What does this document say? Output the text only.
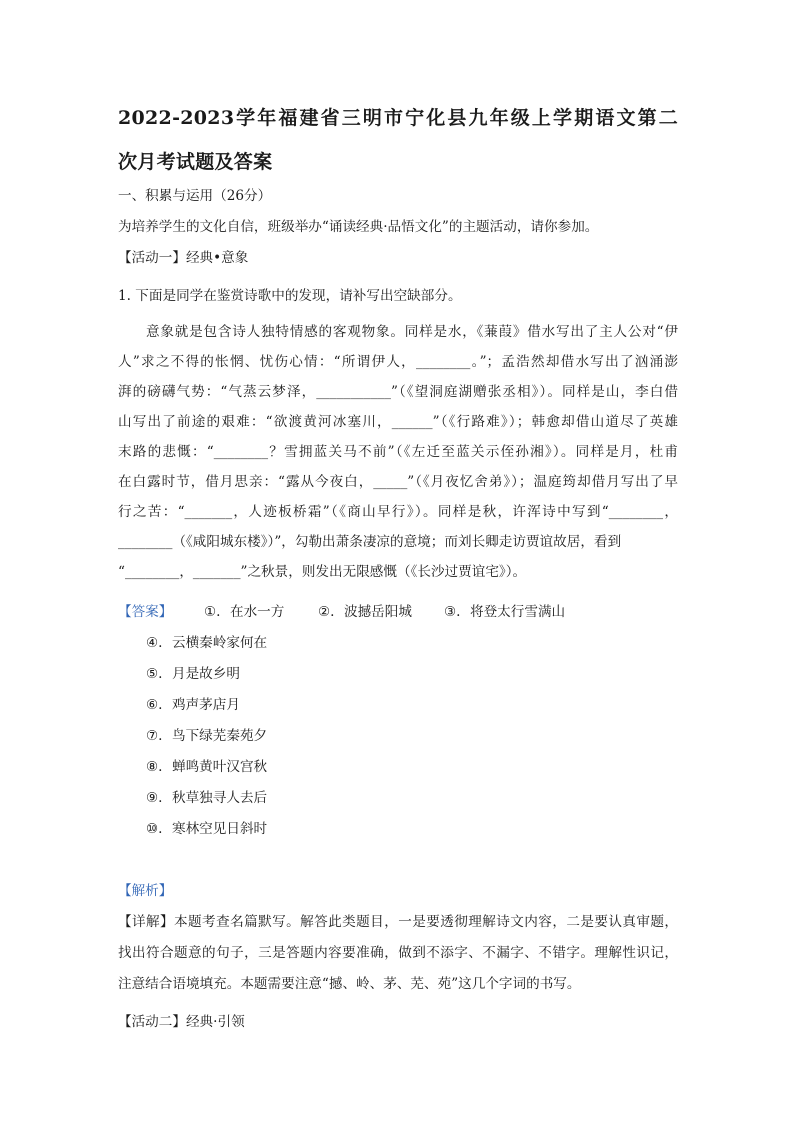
2022-2023学年福建省三明市宁化县九年级上学期语文第二
次月考试题及答案
一、积累与运用（26分）
为培养学生的文化自信，班级举办“诵读经典·品悟文化”的主题活动，请你参加。
【活动一】经典•意象
1. 下面是同学在鉴赏诗歌中的发现，请补写出空缺部分。
意象就是包含诗人独特情感的客观物象。同样是水，《蒹葭》借水写出了主人公对“伊
人”求之不得的怅惘、忧伤心情：“所谓伊人，________。”；孟浩然却借水写出了汹涌澎
湃的磅礴气势：“气蒸云梦泽，___________”（《望洞庭湖赠张丞相》）。同样是山，李白借
山写出了前途的艰难：“欲渡黄河冰塞川，______”（《行路难》）；韩愈却借山道尽了英雄
末路的悲慨：“________？雪拥蓝关马不前”（《左迁至蓝关示侄孙湘》）。同样是月，杜甫
在白露时节，借月思亲：“露从今夜白，_____”（《月夜忆舍弟》）；温庭筠却借月写出了早
行之苦：“_______，人迹板桥霜”（《商山早行》）。同样是秋，许浑诗中写到“________，
________（《咸阳城东楼》）”，勾勒出萧条凄凉的意境；而刘长卿走访贾谊故居，看到
“________，_______”之秋景，则发出无限感慨（《长沙过贾谊宅》）。
【答案】	①. 在水一方 ②. 波撼岳阳城 ③. 将登太行雪满山
④. 云横秦岭家何在
⑤. 月是故乡明
⑥. 鸡声茅店月
⑦. 鸟下绿芜秦苑夕
⑧. 蝉鸣黄叶汉宫秋
⑨. 秋草独寻人去后
⑩. 寒林空见日斜时
【解析】
【详解】本题考查名篇默写。解答此类题目，一是要透彻理解诗文内容，二是要认真审题，
找出符合题意的句子，三是答题内容要准确，做到不添字、不漏字、不错字。理解性识记，
注意结合语境填充。本题需要注意“撼、岭、茅、芜、苑”这几个字词的书写。
【活动二】经典·引领
